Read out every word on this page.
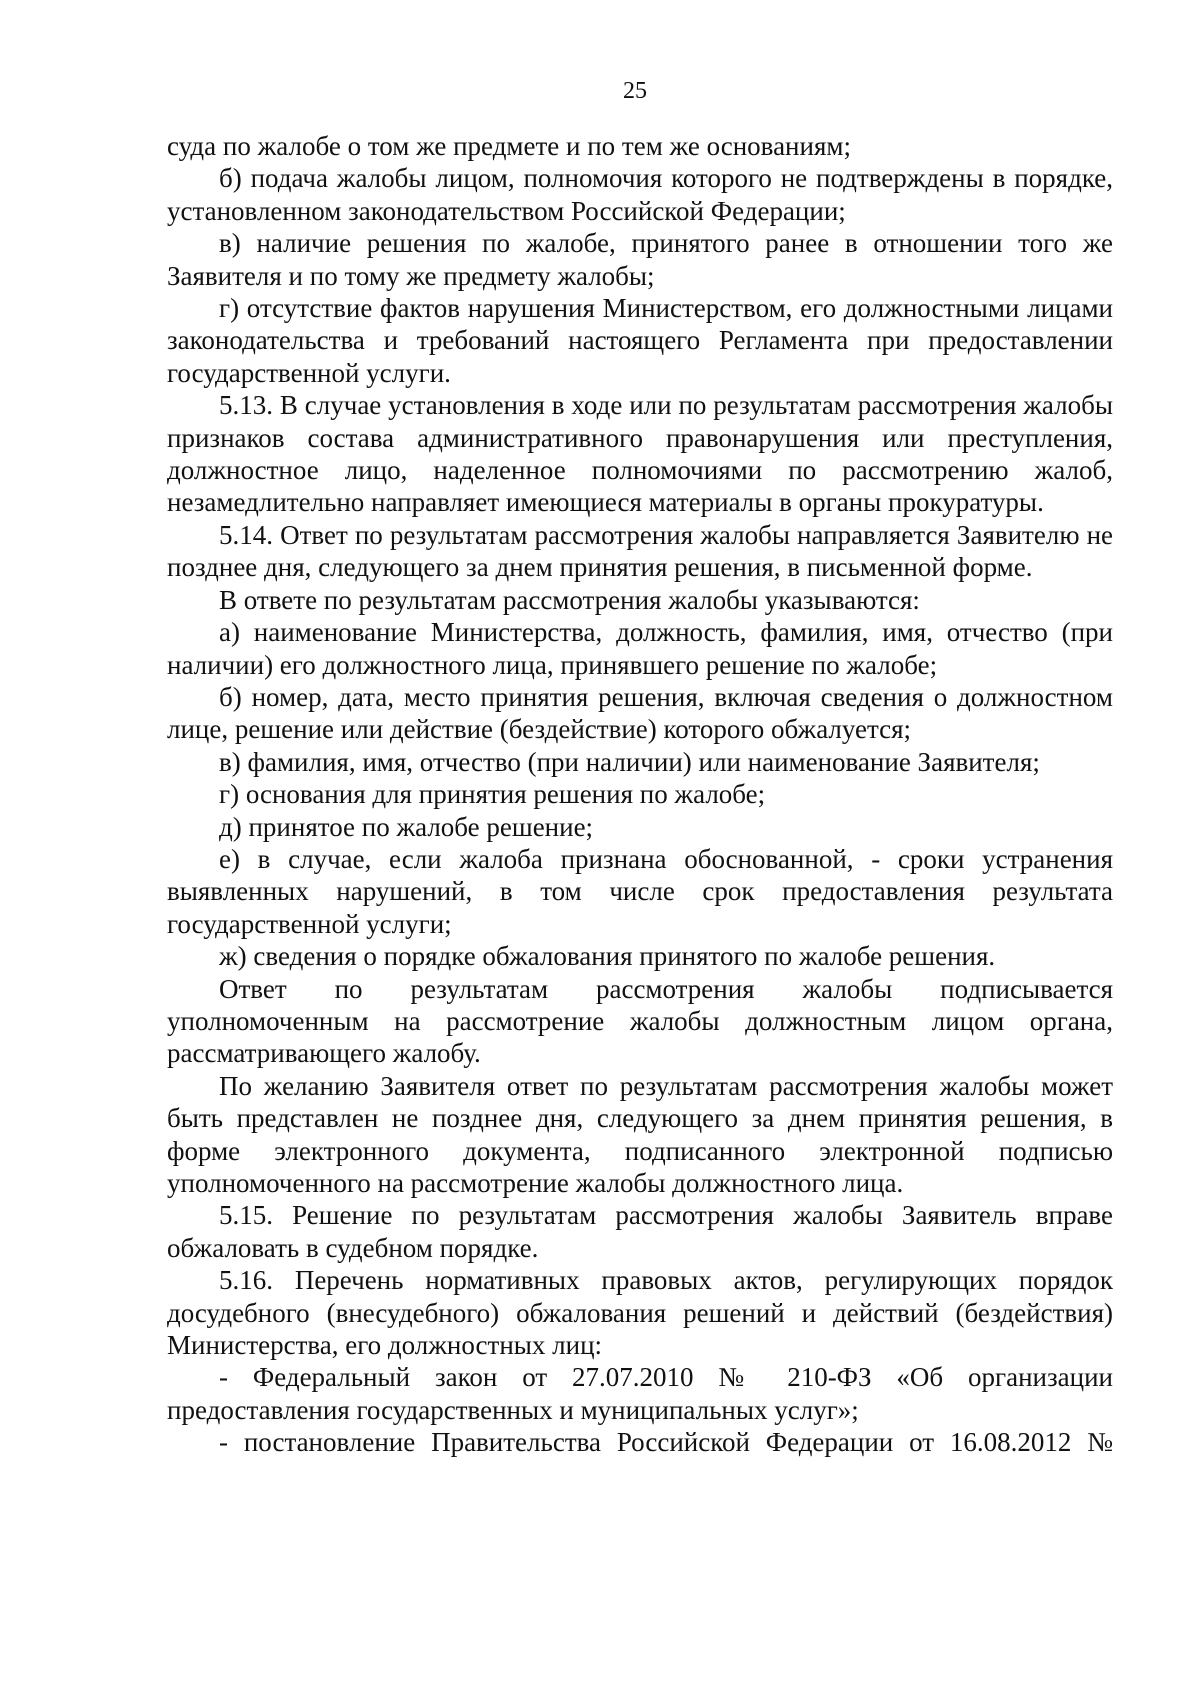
25

суда по жалобе о том же предмете и по тем же основаниям;

б) подача жалобы лицом, полномочия которого не подтверждены в порядке, установленном законодательством Российской Федерации;

в) наличие решения по жалобе, принятого ранее в отношении того же Заявителя и по тому же предмету жалобы;

г) отсутствие фактов нарушения Министерством, его должностными лицами законодательства и требований настоящего Регламента при предоставлении государственной услуги.

5.13. В случае установления в ходе или по результатам рассмотрения жалобы признаков состава административного правонарушения или преступления, должностное лицо, наделенное полномочиями по рассмотрению жалоб, незамедлительно направляет имеющиеся материалы в органы прокуратуры.

5.14. Ответ по результатам рассмотрения жалобы направляется Заявителю не позднее дня, следующего за днем принятия решения, в письменной форме.

В ответе по результатам рассмотрения жалобы указываются:

а) наименование Министерства, должность, фамилия, имя, отчество (при наличии) его должностного лица, принявшего решение по жалобе;

б) номер, дата, место принятия решения, включая сведения о должностном лице, решение или действие (бездействие) которого обжалуется;

в) фамилия, имя, отчество (при наличии) или наименование Заявителя;

г) основания для принятия решения по жалобе;

д) принятое по жалобе решение;

е) в случае, если жалоба признана обоснованной, - сроки устранения выявленных нарушений, в том числе срок предоставления результата государственной услуги;

ж) сведения о порядке обжалования принятого по жалобе решения.

Ответ по результатам рассмотрения жалобы подписывается уполномоченным на рассмотрение жалобы должностным лицом органа, рассматривающего жалобу.

По желанию Заявителя ответ по результатам рассмотрения жалобы может быть представлен не позднее дня, следующего за днем принятия решения, в форме электронного документа, подписанного электронной подписью уполномоченного на рассмотрение жалобы должностного лица.

5.15. Решение по результатам рассмотрения жалобы Заявитель вправе обжаловать в судебном порядке.

5.16. Перечень нормативных правовых актов, регулирующих порядок досудебного (внесудебного) обжалования решений и действий (бездействия) Министерства, его должностных лиц:

- Федеральный закон от 27.07.2010 № 210-ФЗ «Об организации предоставления государственных и муниципальных услуг»;

- постановление Правительства Российской Федерации от 16.08.2012 №
